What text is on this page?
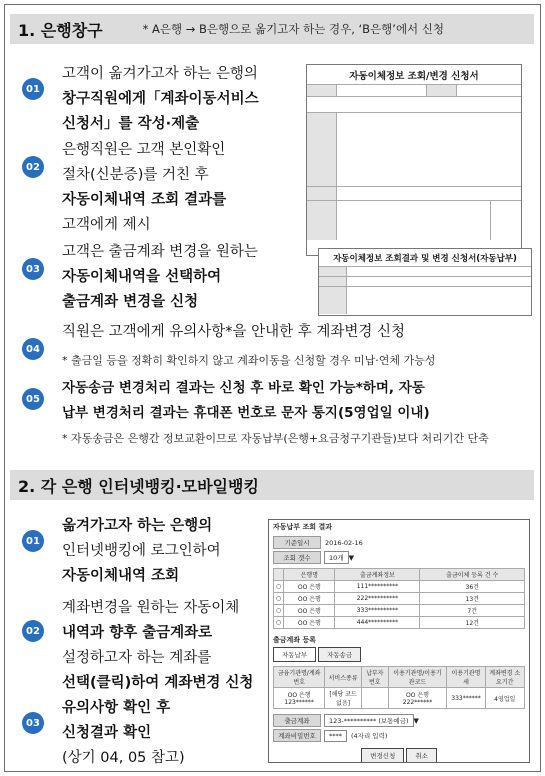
1. 은행창구	* A은행 → B은행으로 옮기고자 하는 경우, ‘B은행’에서 신청
01
고객이 옮겨가고자 하는 은행의
창구직원에게「계좌이동서비스
신청서」를 작성·제출
02
은행직원은 고객 본인확인
절차(신분증)를 거친 후
자동이체내역 조회 결과를
고객에게 제시
03
고객은 출금계좌 변경을 원하는
자동이체내역을 선택하여
출금계좌 변경을 신청
자동이체정보 조회/변경 신청서
자동이체정보 조회결과 및 변경 신청서(자동납부)
04
직원은 고객에게 유의사항*을 안내한 후 계좌변경 신청
* 출금일 등을 정확히 확인하지 않고 계좌이동을 신청할 경우 미납·연체 가능성
05
자동송금 변경처리 결과는 신청 후 바로 확인 가능*하며, 자동
납부 변경처리 결과는 휴대폰 번호로 문자 통지(5영업일 이내)
* 자동송금은 은행간 정보교환이므로 자동납부(은행+요금청구기관들)보다 처리기간 단축
2. 각 은행 인터넷뱅킹·모바일뱅킹
01
옮겨가고자 하는 은행의
인터넷뱅킹에 로그인하여
자동이체내역 조회
02
계좌변경을 원하는 자동이체
내역과 향후 출금계좌로
설정하고자 하는 계좌를
선택(클릭)하여 계좌변경 신청
03
유의사항 확인 후
신청결과 확인
(상기 04, 05 참고)
자동납부 조회 결과
기준일시	2016-02-16
조회 갯수	10개 ▼
	은행명	출금계좌정보	출금이체 등록 건 수
○	OO 은행	111**********	36건
○	OO 은행	222**********	13건
○	OO 은행	333**********	7건
○	OO 은행	444**********	12건
출금계좌 등록
자동납부	자동송금
금융기관명/계좌번호	서비스종류	납부자번호	이용기관명/이용기관코드	이용기관명세	계좌변경 소요기간
OO 은행 123******	[해당 코드 없음]		OO 은행 222******	333******	4영업일
출금계좌	123-********** (보통예금) ▼
계좌비밀번호	****	(4자리 입력)
변경신청	취소
